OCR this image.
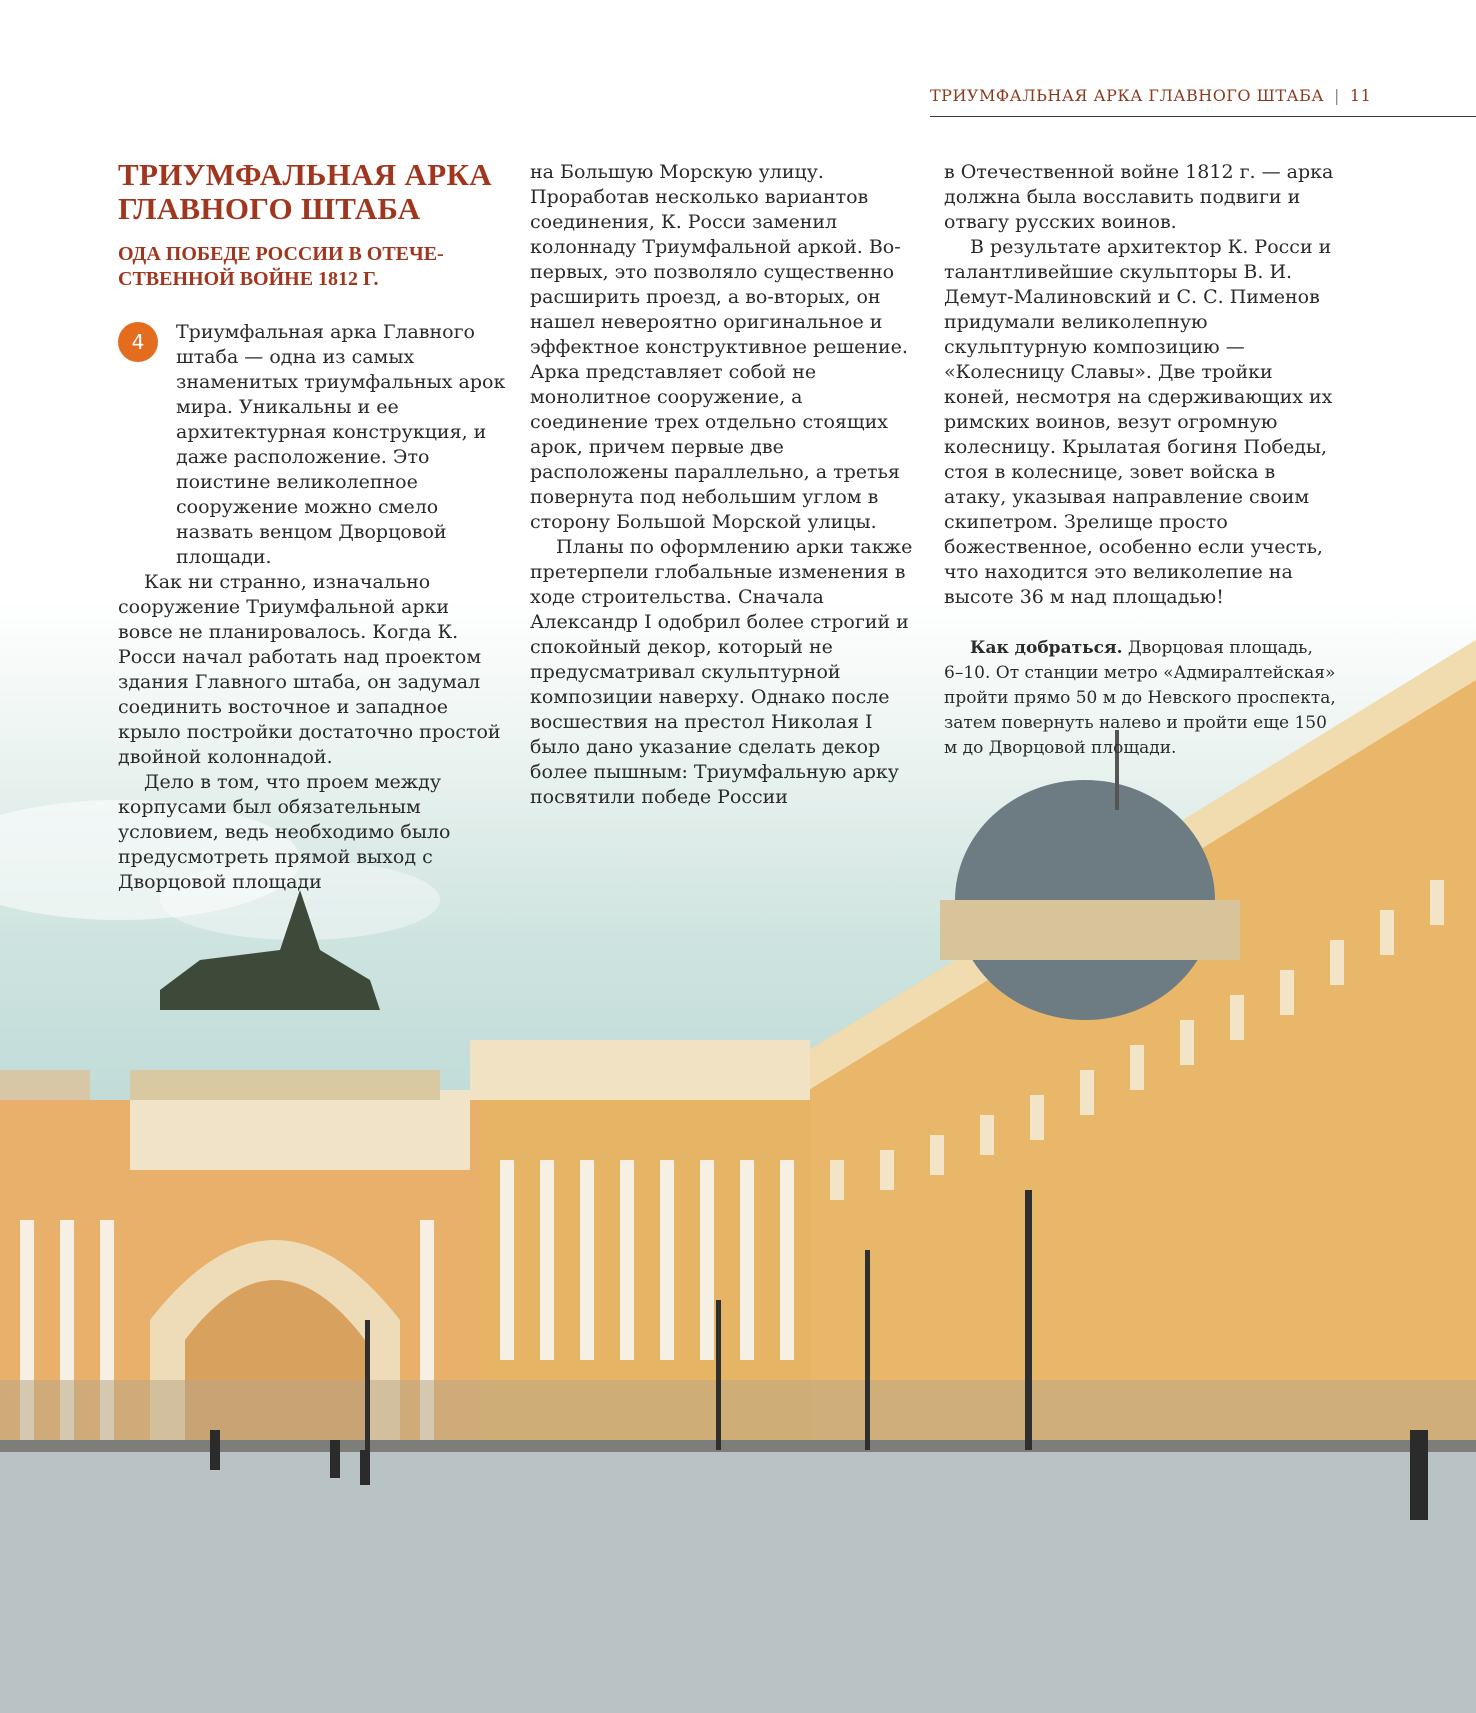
ТРИУМФАЛЬНАЯ АРКА ГЛАВНОГО ШТАБА | 11
ТРИУМФАЛЬНАЯ АРКА
ГЛАВНОГО ШТАБА
ОДА ПОБЕДЕ РОССИИ В ОТЕЧЕ-
СТВЕННОЙ ВОЙНЕ 1812 Г.
4	Триумфальная арка Главного штаба — одна из самых знаменитых триумфальных арок мира. Уникальны и ее архитектурная конструкция, и даже расположение. Это поистине великолепное сооружение можно смело назвать венцом Дворцовой площади.

Как ни странно, изначально сооружение Триумфальной арки вовсе не планировалось. Когда К. Росси начал работать над проектом здания Главного штаба, он задумал соединить восточное и западное крыло постройки достаточно простой двойной колоннадой.

Дело в том, что проем между корпусами был обязательным условием, ведь необходимо было предусмотреть прямой выход с Дворцовой площади

на Большую Морскую улицу. Проработав несколько вариантов соединения, К. Росси заменил колоннаду Триумфальной аркой. Во-первых, это позволяло существенно расширить проезд, а во-вторых, он нашел невероятно оригинальное и эффектное конструктивное решение. Арка представляет собой не монолитное сооружение, а соединение трех отдельно стоящих арок, причем первые две расположены параллельно, а третья повернута под небольшим углом в сторону Большой Морской улицы.

Планы по оформлению арки также претерпели глобальные изменения в ходе строительства. Сначала Александр I одобрил более строгий и спокойный декор, который не предусматривал скульптурной композиции наверху. Однако после восшествия на престол Николая I было дано указание сделать декор более пышным: Триумфальную арку посвятили победе России

в Отечественной войне 1812 г. — арка должна была восславить подвиги и отвагу русских воинов.

В результате архитектор К. Росси и талантливейшие скульпторы В. И. Демут-Малиновский и С. С. Пименов придумали великолепную скульптурную композицию — «Колесницу Славы». Две тройки коней, несмотря на сдерживающих их римских воинов, везут огромную колесницу. Крылатая богиня Победы, стоя в колеснице, зовет войска в атаку, указывая направление своим скипетром. Зрелище просто божественное, особенно если учесть, что находится это великолепие на высоте 36 м над площадью!

Как добраться. Дворцовая площадь, 6–10. От станции метро «Адмиралтейская» пройти прямо 50 м до Невского проспекта, затем повернуть налево и пройти еще 150 м до Дворцовой площади.
